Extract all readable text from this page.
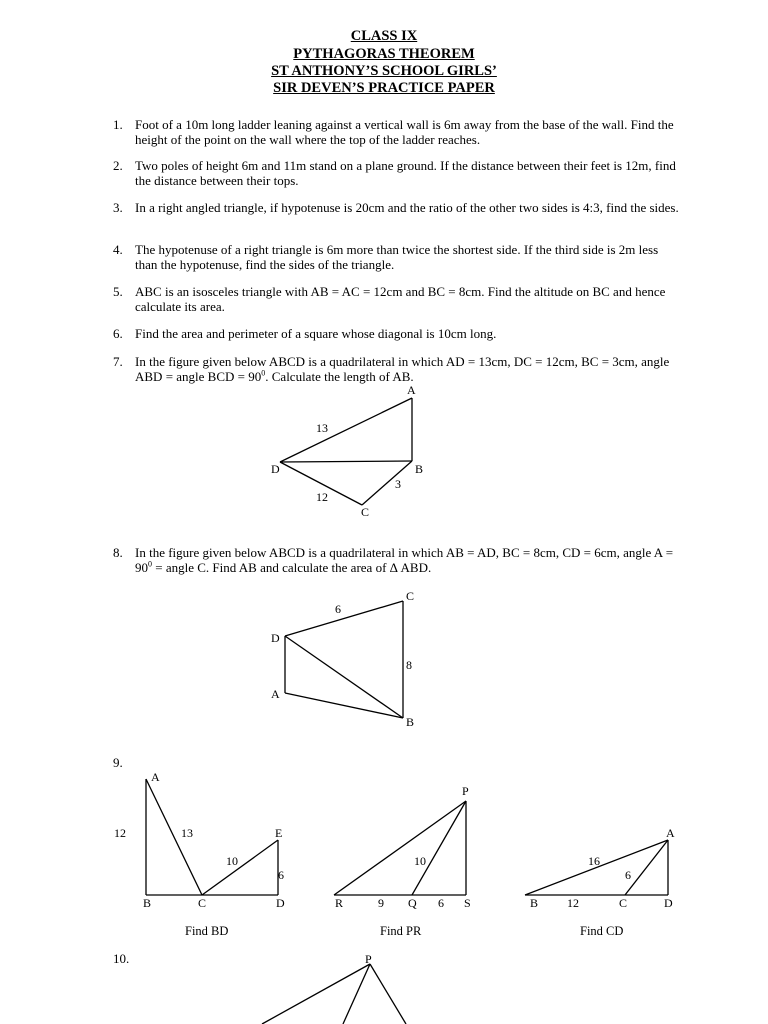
CLASS IX
PYTHAGORAS THEOREM
ST ANTHONY’S SCHOOL GIRLS’
SIR DEVEN’S PRACTICE PAPER
1. Foot of a 10m long ladder leaning against a vertical wall is 6m away from the base of the wall. Find the height of the point on the wall where the top of the ladder reaches.
2. Two poles of height 6m and 11m stand on a plane ground. If the distance between their feet is 12m, find the distance between their tops.
3. In a right angled triangle, if hypotenuse is 20cm and the ratio of the other two sides is 4:3, find the sides.
4. The hypotenuse of a right triangle is 6m more than twice the shortest side. If the third side is 2m less than the hypotenuse, find the sides of the triangle.
5. ABC is an isosceles triangle with AB = AC = 12cm and BC = 8cm. Find the altitude on BC and hence calculate its area.
6. Find the area and perimeter of a square whose diagonal is 10cm long.
7. In the figure given below ABCD is a quadrilateral in which AD = 13cm, DC = 12cm, BC = 3cm, angle ABD = angle BCD = $90^0$. Calculate the length of AB.
8. In the figure given below ABCD is a quadrilateral in which AB = AD, BC = 8cm, CD = 6cm, angle $A = 90^0$ = angle C. Find AB and calculate the area of Δ ABD.
9.
10.
A
D	B
C
13
12
3
C
D
A
B
6
8
A
12	13	E
10
6
B	C	D
Find BD
P
10
R	9 Q 6 S
Find PR
A
16
6
B 12	C	D
Find CD
P
